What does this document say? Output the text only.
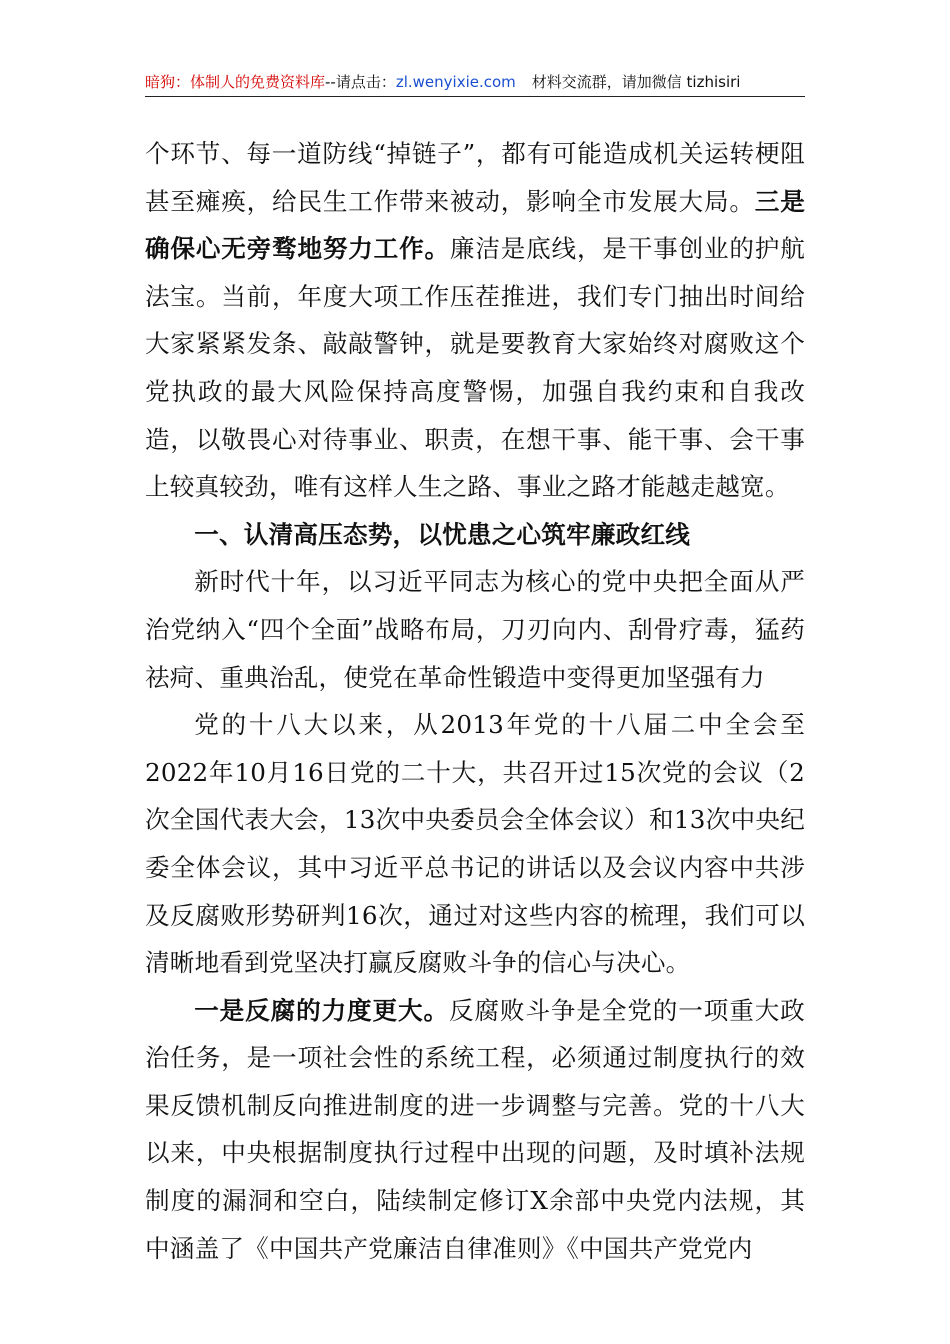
暗狗：体制人的免费资料库--请点击：zl.wenyixie.com 材料交流群，请加微信 tizhisiri

个环节、每一道防线“掉链子”，都有可能造成机关运转梗阻甚至瘫痪，给民生工作带来被动，影响全市发展大局。三是确保心无旁骛地努力工作。廉洁是底线，是干事创业的护航法宝。当前，年度大项工作压茬推进，我们专门抽出时间给大家紧紧发条、敲敲警钟，就是要教育大家始终对腐败这个党执政的最大风险保持高度警惕，加强自我约束和自我改造，以敬畏心对待事业、职责，在想干事、能干事、会干事上较真较劲，唯有这样人生之路、事业之路才能越走越宽。

一、认清高压态势，以忧患之心筑牢廉政红线

新时代十年，以习近平同志为核心的党中央把全面从严治党纳入“四个全面”战略布局，刀刃向内、刮骨疗毒，猛药祛疴、重典治乱，使党在革命性锻造中变得更加坚强有力

党的十八大以来，从2013年党的十八届二中全会至2022年10月16日党的二十大，共召开过15次党的会议（2次全国代表大会，13次中央委员会全体会议）和13次中央纪委全体会议，其中习近平总书记的讲话以及会议内容中共涉及反腐败形势研判16次，通过对这些内容的梳理，我们可以清晰地看到党坚决打赢反腐败斗争的信心与决心。

一是反腐的力度更大。反腐败斗争是全党的一项重大政治任务，是一项社会性的系统工程，必须通过制度执行的效果反馈机制反向推进制度的进一步调整与完善。党的十八大以来，中央根据制度执行过程中出现的问题，及时填补法规制度的漏洞和空白，陆续制定修订X余部中央党内法规，其中涵盖了《中国共产党廉洁自律准则》《中国共产党党内
